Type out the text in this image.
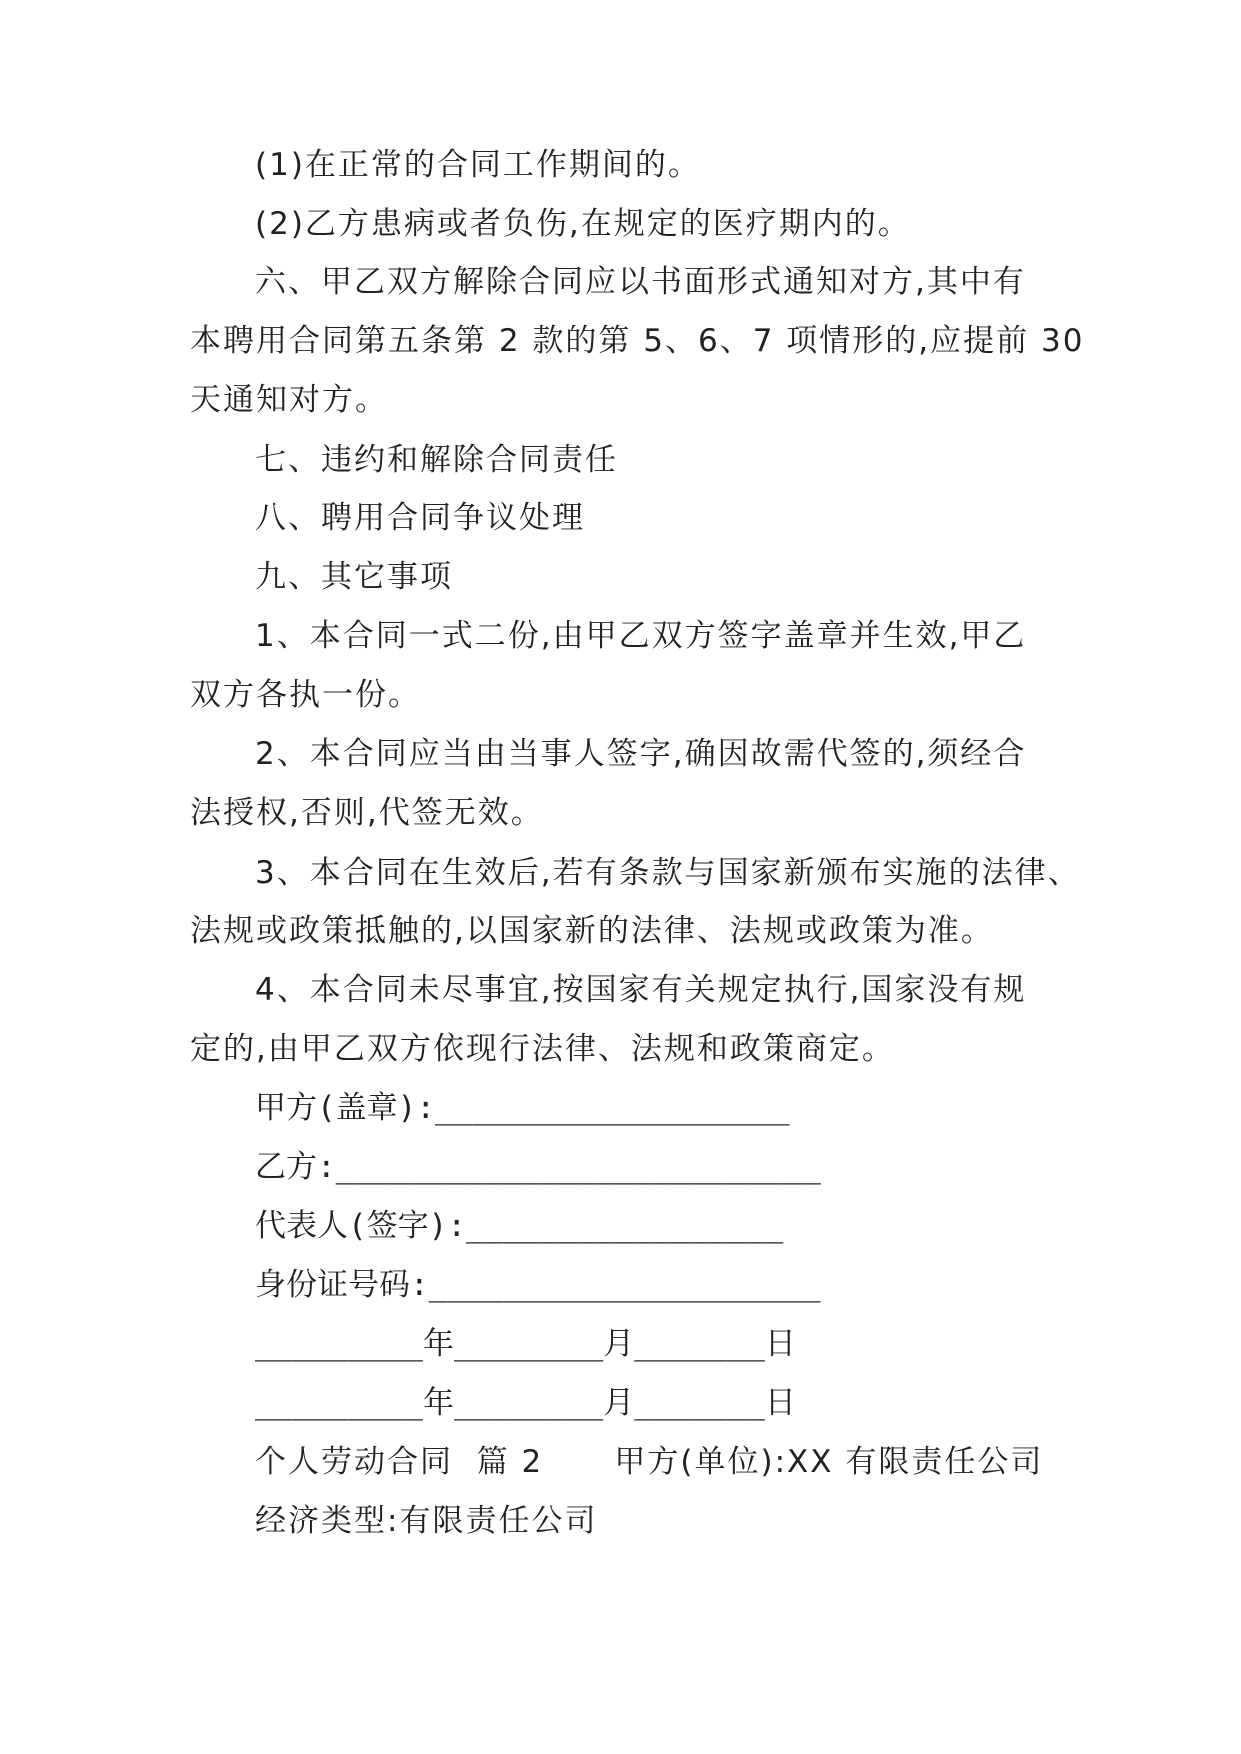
(1)在正常的合同工作期间的。
(2)乙方患病或者负伤,在规定的医疗期内的。
六、甲乙双方解除合同应以书面形式通知对方,其中有
本聘用合同第五条第 2 款的第 5、6、7 项情形的,应提前 30
天通知对方。
七、违约和解除合同责任
八、聘用合同争议处理
九、其它事项
1、本合同一式二份,由甲乙双方签字盖章并生效,甲乙
双方各执一份。
2、本合同应当由当事人签字,确因故需代签的,须经合
法授权,否则,代签无效。
3、本合同在生效后,若有条款与国家新颁布实施的法律、
法规或政策抵触的,以国家新的法律、法规或政策为准。
4、本合同未尽事宜,按国家有关规定执行,国家没有规
定的,由甲乙双方依现行法律、法规和政策商定。
甲方(盖章):___________________
乙方:__________________________
代表人(签字):_________________
身份证号码:_____________________
_________年________月_______日
_________年________月_______日
个人劳动合同  篇 2      甲方(单位):XX 有限责任公司
经济类型:有限责任公司
